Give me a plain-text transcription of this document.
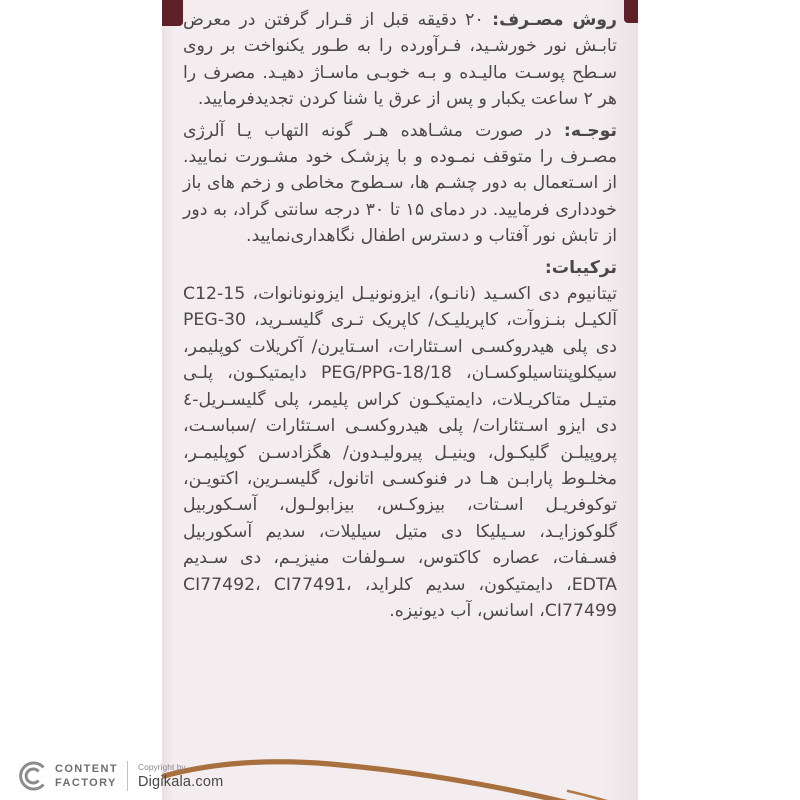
روش مصـرف: ۲۰ دقیقه قبل از قـرار گرفتن در معرض تابـش نور خورشـید، فـرآورده را به طـور یکنواخت بر روی سـطح پوسـت مالیـده و بـه خوبـی ماسـاژ دهیـد. مصرف را هر ۲ ساعت یکبار و پس از عرق یا شنا کردن تجدیدفرمایید.

توجـه: در صورت مشـاهده هـر گونه التهاب یـا آلرژی مصـرف را متوقف نمـوده و با پزشـک خود مشـورت نمایید. از اسـتعمال به دور چشـم ها، سـطوح مخاطی و زخم های باز خودداری فرمایید. در دمای ۱۵ تا ۳۰ درجه سانتی گراد، به دور از تابش نور آفتاب و دسترس اطفال نگاهداری‌نمایید.

ترکیبات:
تیتانیوم دی اکسـید (نانـو)، ایزونونیـل ایزونونانوات، C12-15 آلکیـل بنـزوآت، کاپریلیـک/ کاپریک تـری گلیسـرید، PEG-30 دی پلی هیدروکسـی اسـتئارات، اسـتایرن/ آکریلات کوپلیمر، سیکلوپنتاسیلوکسـان، PEG/PPG-18/18 دایمتیکـون، پلـی متیـل متاکریـلات، دایمتیکـون کراس پلیمر، پلی گلیسـریل-٤ دی ایزو اسـتئارات/ پلی هیدروکسـی اسـتئارات /سباسـت، پروپیلـن گلیکـول، وینیـل پیرولیـدون/ هگزادسـن کوپلیمـر، مخلـوط پارابـن هـا در فنوکسـی اتانول، گلیسـرین، اکتویـن، توکوفریـل اسـتات، بیزوکـس، بیزابولـول، آسـکوربیل گلوکوزایـد، سـیلیکا دی متیل سیلیلات، سدیم آسکوربیل فسـفات، عصاره کاکتوس، سـولفات منیزیـم، دی سـدیم EDTA، دایمتیکون، سدیم کلراید، CI77492، CI77491، CI77499، اسانس، آب دیونیزه.

CONTENT
FACTORY
Copyright by
Digikala.com
